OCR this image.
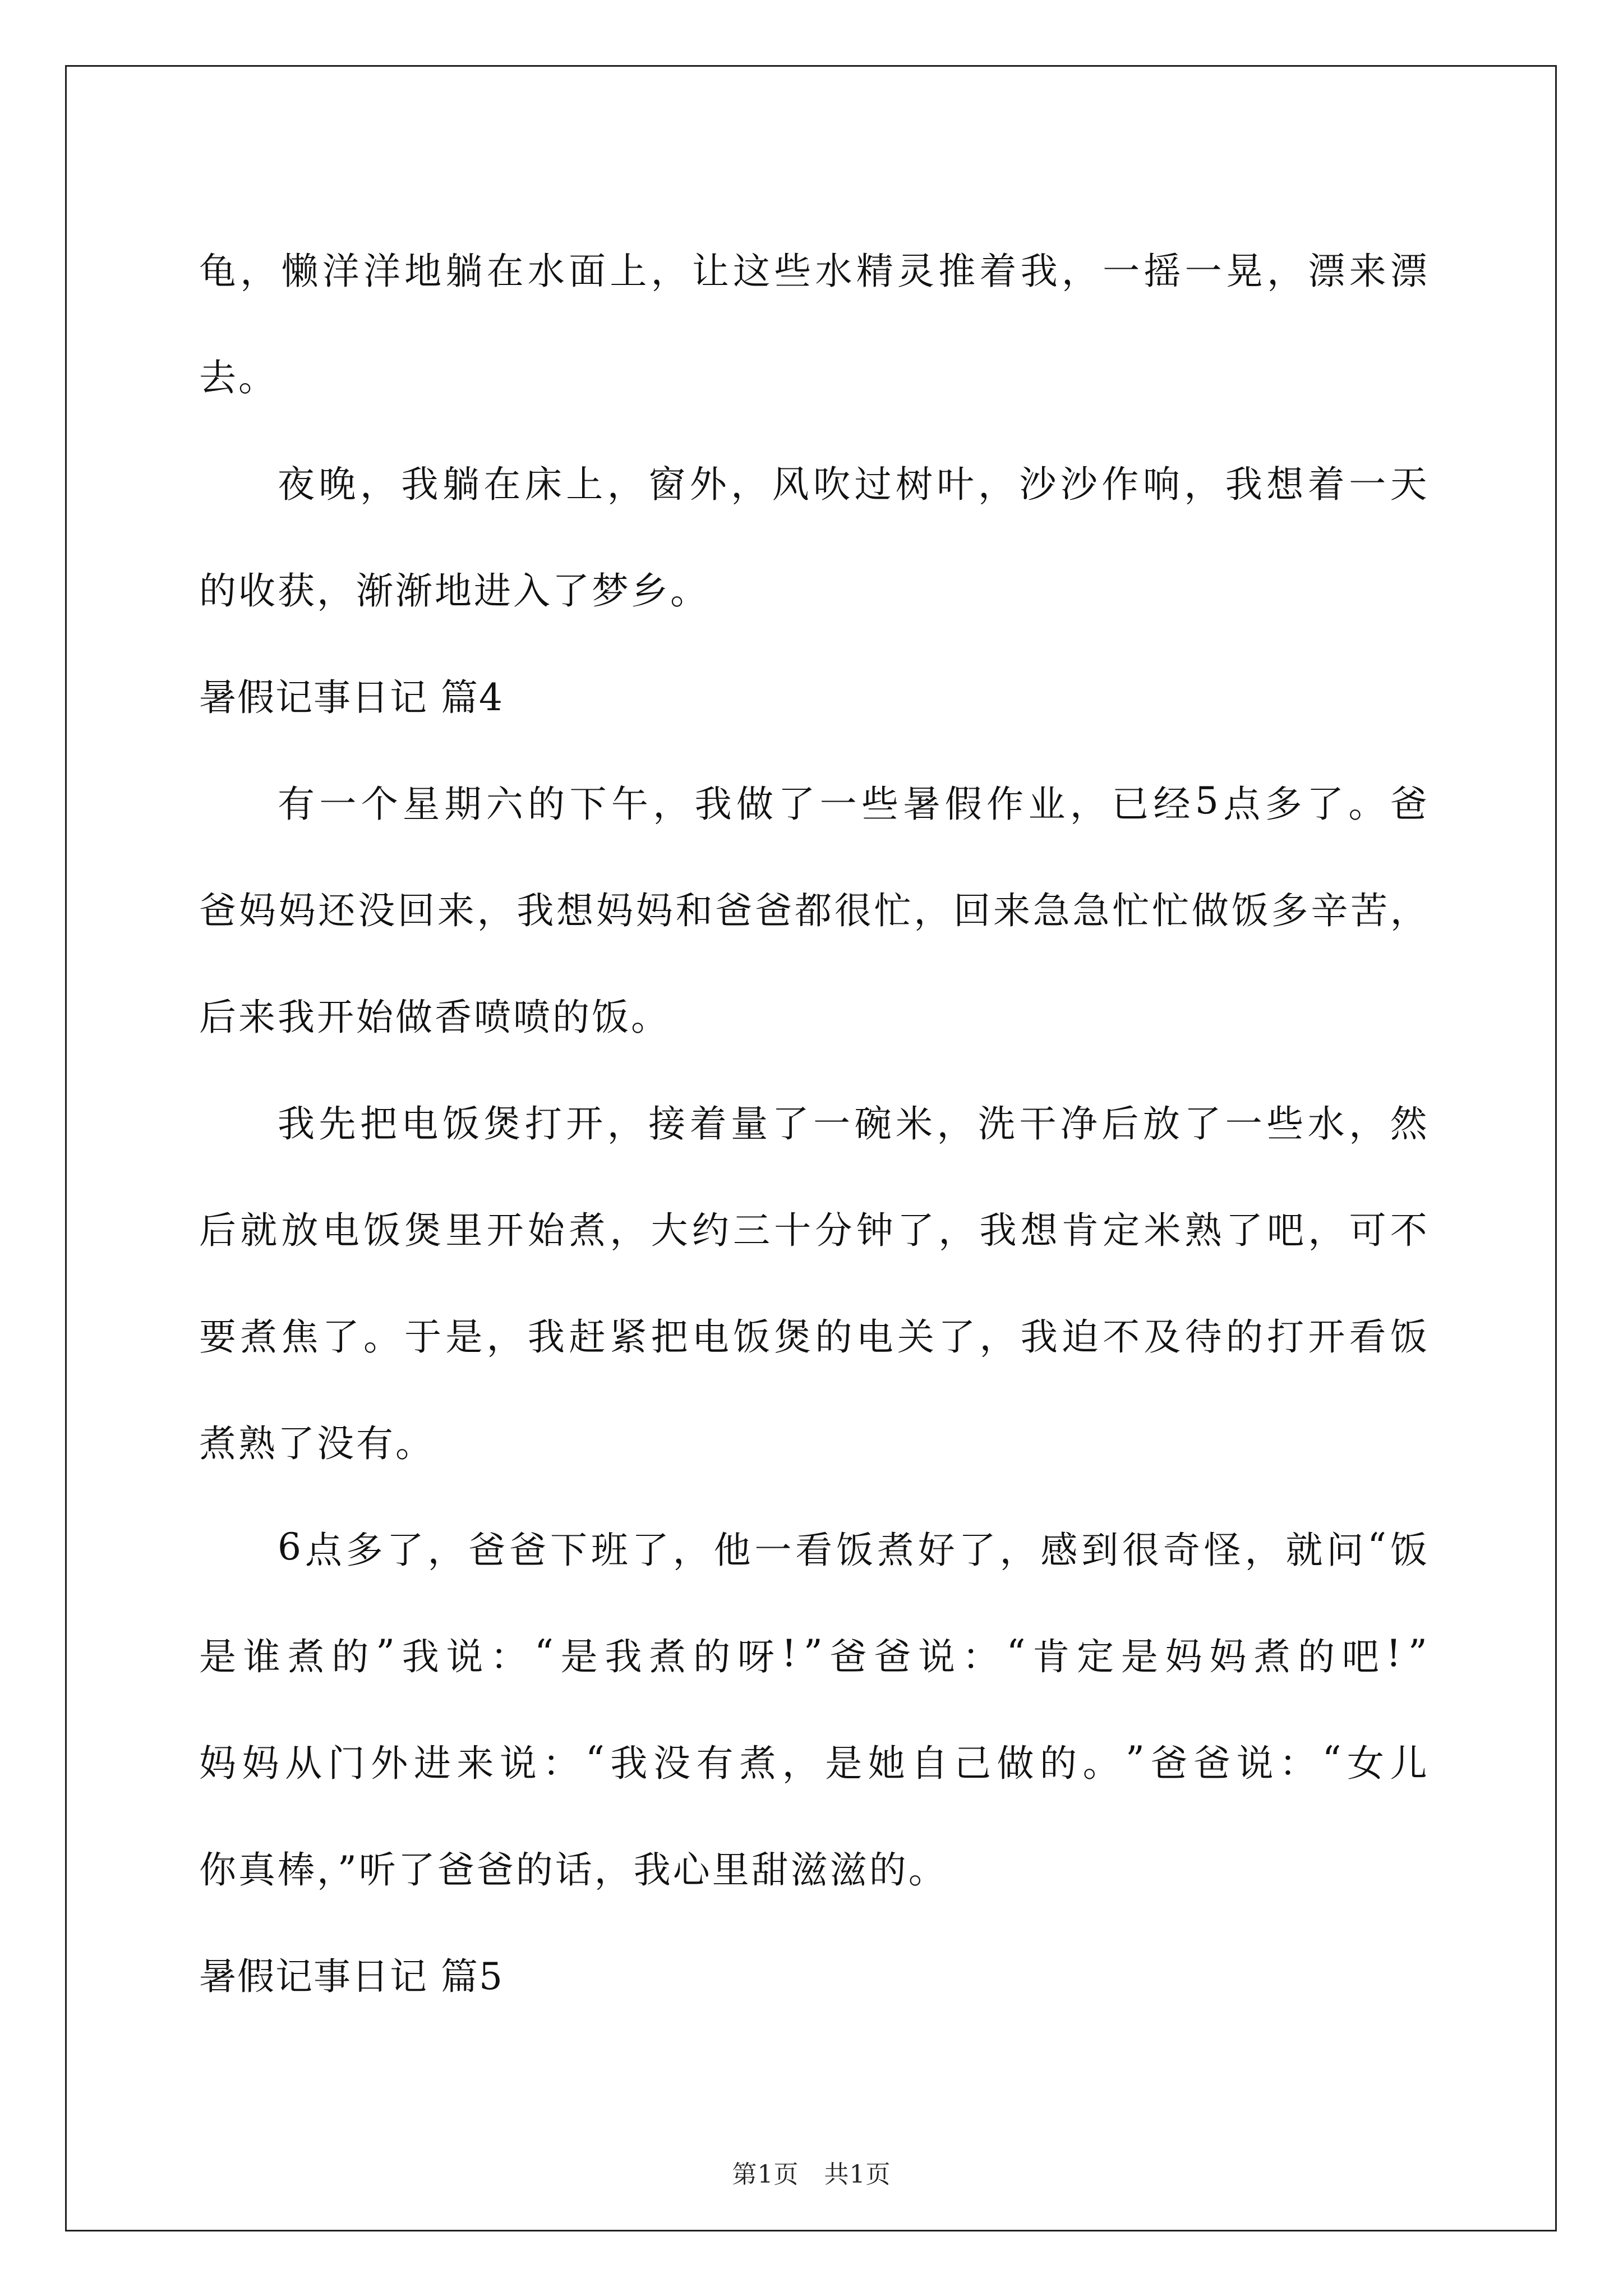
龟 ， 懒 洋 洋 地 躺 在 水 面 上 ， 让 这 些 水 精 灵 推 着 我 ， 一 摇 一 晃 ， 漂 来 漂
去。
夜 晚 ， 我 躺 在 床 上 ， 窗 外 ， 风 吹 过 树 叶 ， 沙 沙 作 响 ， 我 想 着 一 天
的收获，渐渐地进入了梦乡。
暑假记事日记 篇4
有 一 个 星 期 六 的 下 午 ， 我 做 了 一 些 暑 假 作 业 ， 已 经 5 点 多 了 。 爸
爸 妈 妈 还 没 回 来 ， 我 想 妈 妈 和 爸 爸 都 很 忙 ， 回 来 急 急 忙 忙 做 饭 多 辛 苦 ，
后来我开始做香喷喷的饭。
我 先 把 电 饭 煲 打 开 ， 接 着 量 了 一 碗 米 ， 洗 干 净 后 放 了 一 些 水 ， 然
后 就 放 电 饭 煲 里 开 始 煮 ， 大 约 三 十 分 钟 了 ， 我 想 肯 定 米 熟 了 吧 ， 可 不
要 煮 焦 了 。 于 是 ， 我 赶 紧 把 电 饭 煲 的 电 关 了 ， 我 迫 不 及 待 的 打 开 看 饭
煮熟了没有。
6 点 多 了 ， 爸 爸 下 班 了 ， 他 一 看 饭 煮 好 了 ， 感 到 很 奇 怪 ， 就 问 “ 饭
是 谁 煮 的 ” 我 说 ： “ 是 我 煮 的 呀 ! ” 爸 爸 说 ： “ 肯 定 是 妈 妈 煮 的 吧 ! ”
妈 妈 从 门 外 进 来 说 ： “ 我 没 有 煮 ， 是 她 自 己 做 的 。 ” 爸 爸 说 ： “ 女 儿
你真棒，”听了爸爸的话，我心里甜滋滋的。
暑假记事日记 篇5
第1页　共1页
